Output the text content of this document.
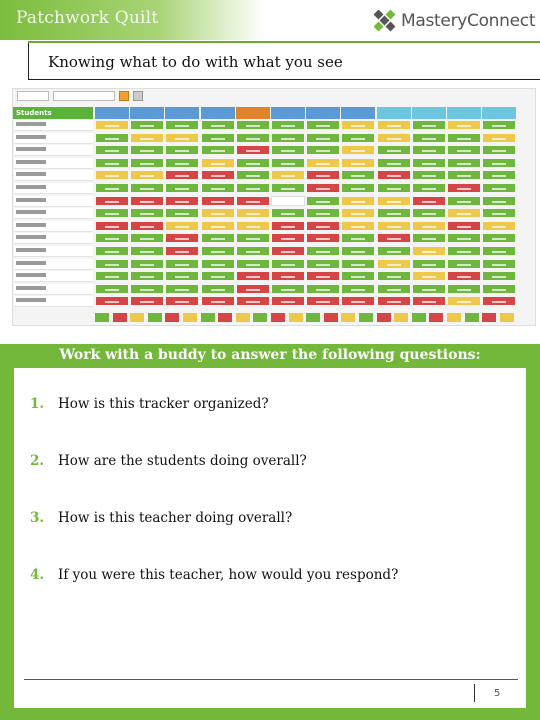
Patchwork Quilt	MasteryConnect
Knowing what to do with what you see
Students
Work with a buddy to answer the following questions:
1. How is this tracker organized?
2. How are the students doing overall?
3. How is this teacher doing overall?
4. If you were this teacher, how would you respond?
5
